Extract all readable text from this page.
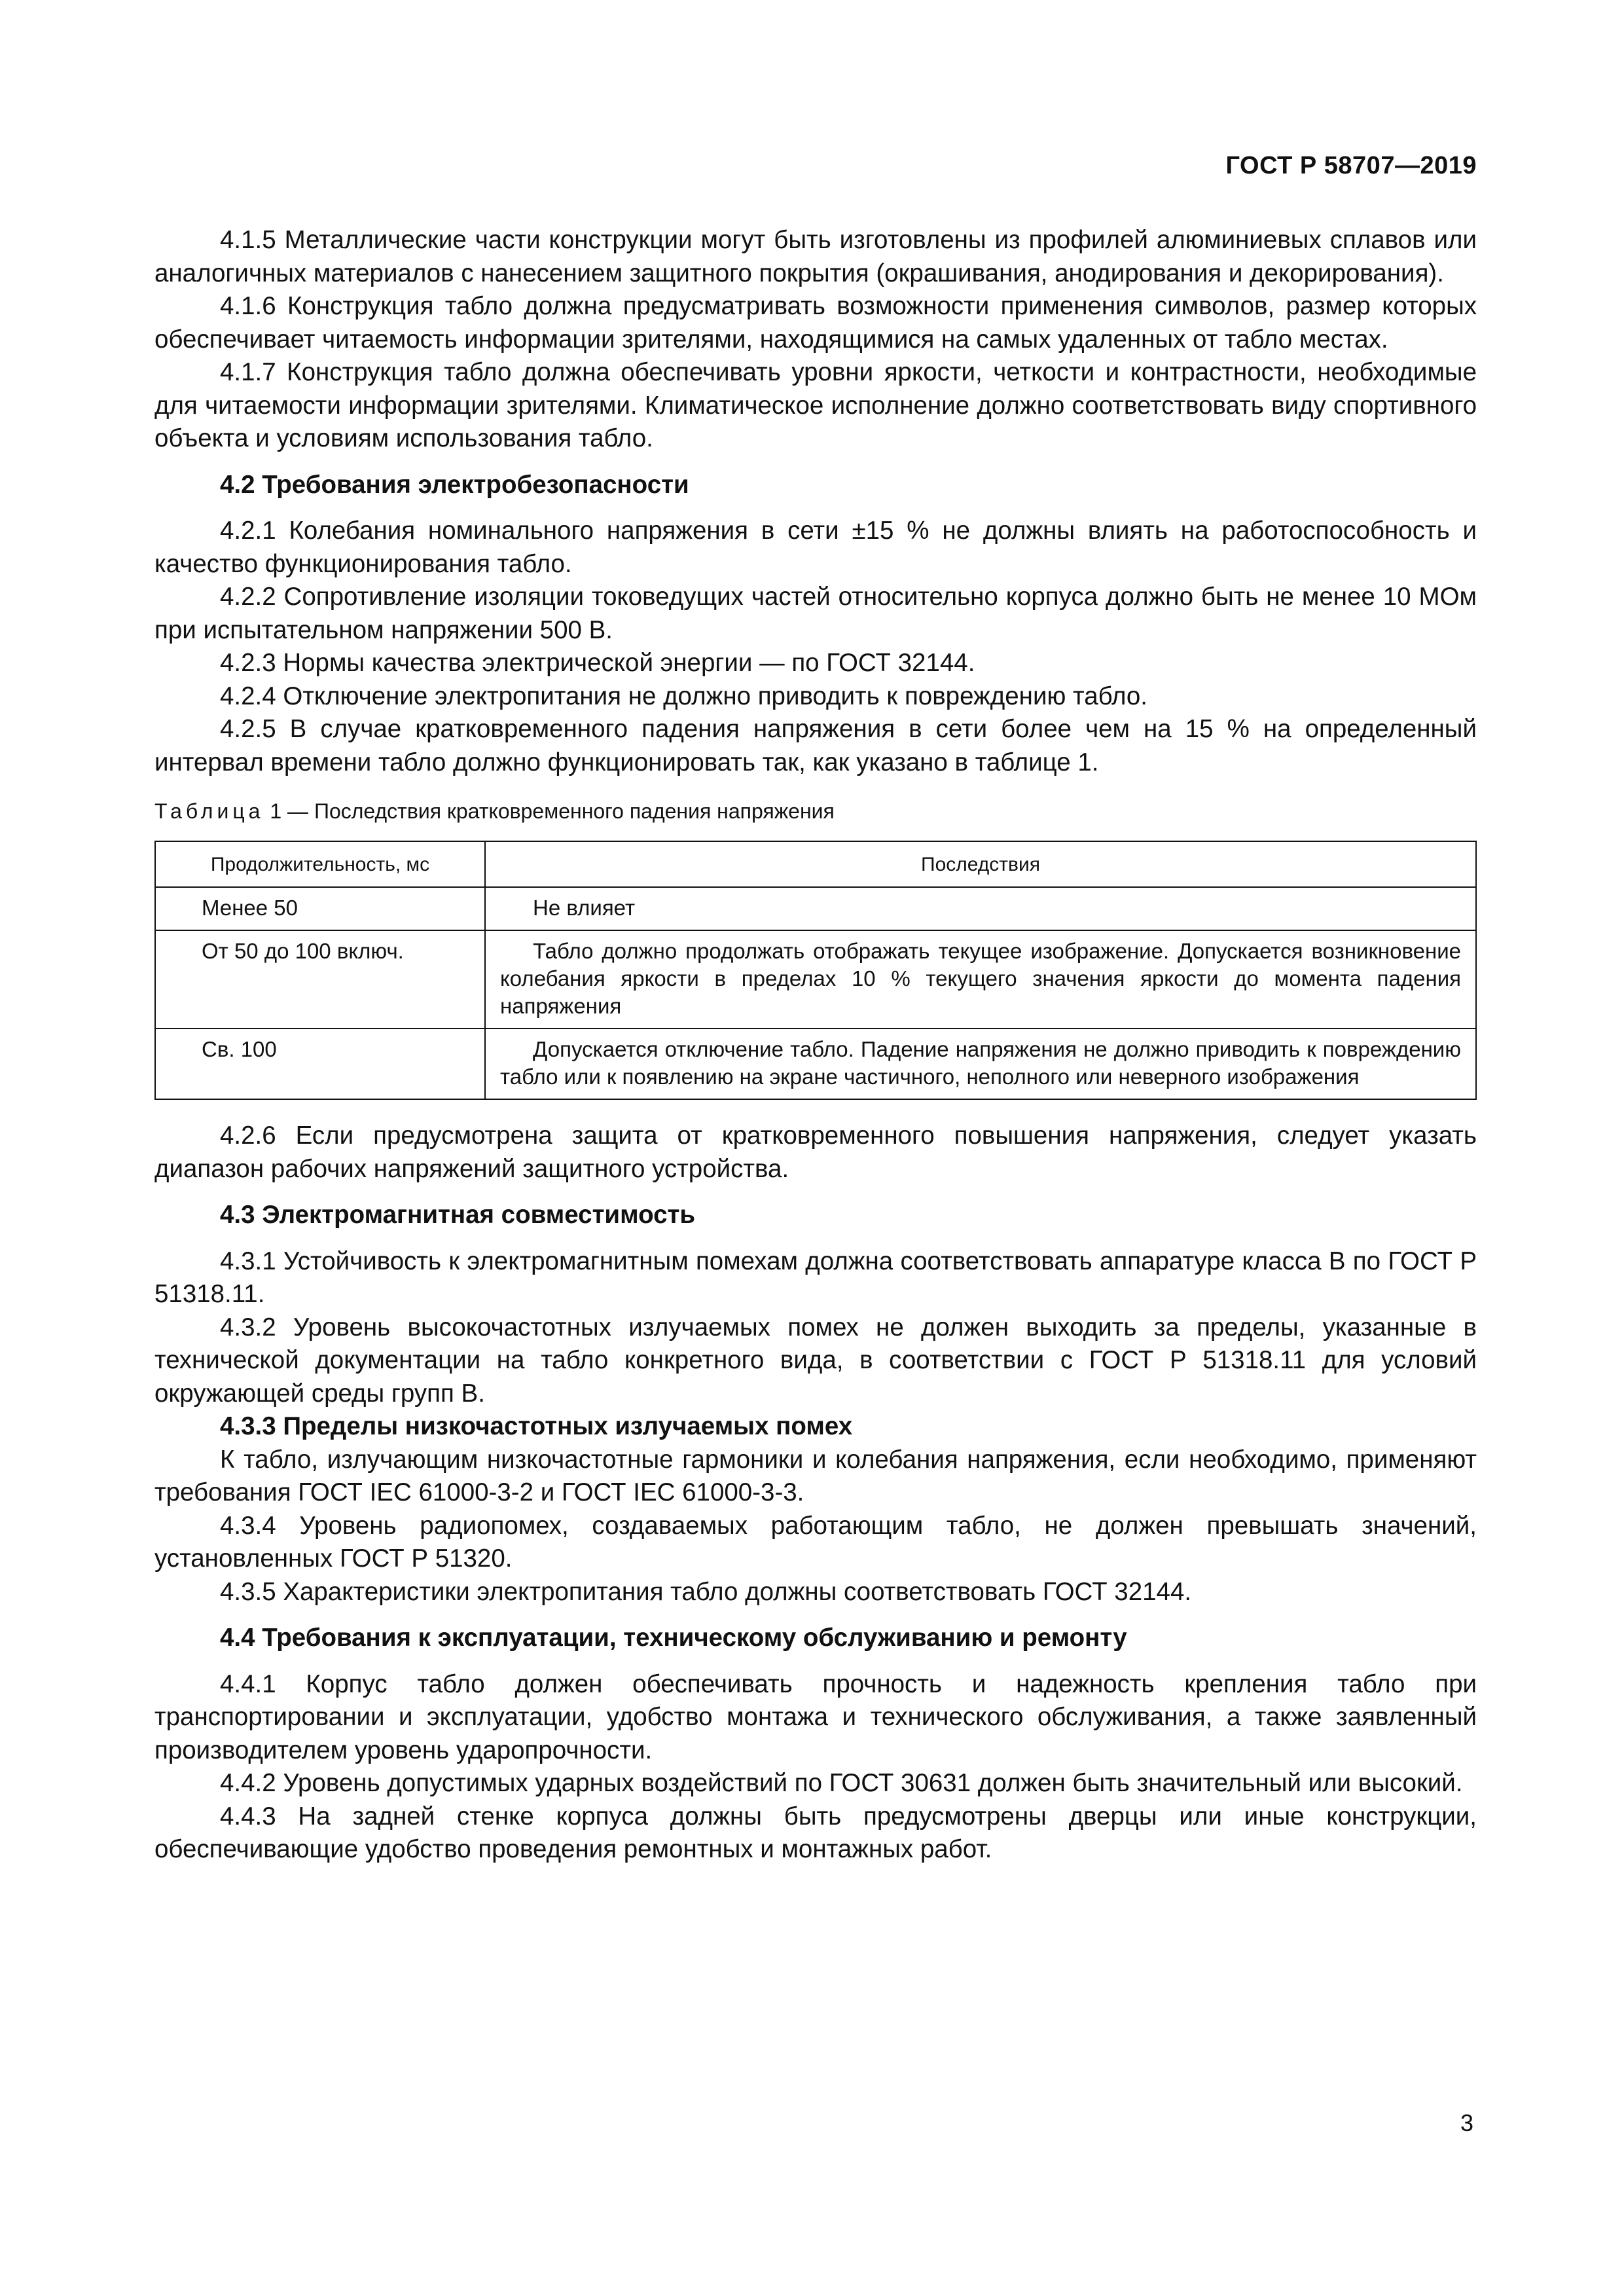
ГОСТ Р 58707—2019

4.1.5 Металлические части конструкции могут быть изготовлены из профилей алюминиевых сплавов или аналогичных материалов с нанесением защитного покрытия (окрашивания, анодирования и декорирования).

4.1.6 Конструкция табло должна предусматривать возможности применения символов, размер которых обеспечивает читаемость информации зрителями, находящимися на самых удаленных от табло местах.

4.1.7 Конструкция табло должна обеспечивать уровни яркости, четкости и контрастности, необходимые для читаемости информации зрителями. Климатическое исполнение должно соответствовать виду спортивного объекта и условиям использования табло.

4.2 Требования электробезопасности

4.2.1 Колебания номинального напряжения в сети ±15 % не должны влиять на работоспособность и качество функционирования табло.

4.2.2 Сопротивление изоляции токоведущих частей относительно корпуса должно быть не менее 10 МОм при испытательном напряжении 500 В.

4.2.3 Нормы качества электрической энергии — по ГОСТ 32144.

4.2.4 Отключение электропитания не должно приводить к повреждению табло.

4.2.5 В случае кратковременного падения напряжения в сети более чем на 15 % на определенный интервал времени табло должно функционировать так, как указано в таблице 1.

Таблица 1 — Последствия кратковременного падения напряжения
Продолжительность, мс	Последствия
Менее 50	Не влияет

От 50 до 100 включ.	Табло должно продолжать отображать текущее изображение. Допускается возникновение колебания яркости в пределах 10 % текущего значения яркости до момента падения напряжения

Св. 100	Допускается отключение табло. Падение напряжения не должно приводить к повреждению табло или к появлению на экране частичного, неполного или неверного изображения

4.2.6 Если предусмотрена защита от кратковременного повышения напряжения, следует указать диапазон рабочих напряжений защитного устройства.

4.3 Электромагнитная совместимость

4.3.1 Устойчивость к электромагнитным помехам должна соответствовать аппаратуре класса В по ГОСТ Р 51318.11.

4.3.2 Уровень высокочастотных излучаемых помех не должен выходить за пределы, указанные в технической документации на табло конкретного вида, в соответствии с ГОСТ Р 51318.11 для условий окружающей среды групп В.

4.3.3 Пределы низкочастотных излучаемых помех

К табло, излучающим низкочастотные гармоники и колебания напряжения, если необходимо, применяют требования ГОСТ IEC 61000-3-2 и ГОСТ IEC 61000-3-3.

4.3.4 Уровень радиопомех, создаваемых работающим табло, не должен превышать значений, установленных ГОСТ Р 51320.

4.3.5 Характеристики электропитания табло должны соответствовать ГОСТ 32144.

4.4 Требования к эксплуатации, техническому обслуживанию и ремонту

4.4.1 Корпус табло должен обеспечивать прочность и надежность крепления табло при транспортировании и эксплуатации, удобство монтажа и технического обслуживания, а также заявленный производителем уровень ударопрочности.

4.4.2 Уровень допустимых ударных воздействий по ГОСТ 30631 должен быть значительный или высокий.

4.4.3 На задней стенке корпуса должны быть предусмотрены дверцы или иные конструкции, обеспечивающие удобство проведения ремонтных и монтажных работ.

3
